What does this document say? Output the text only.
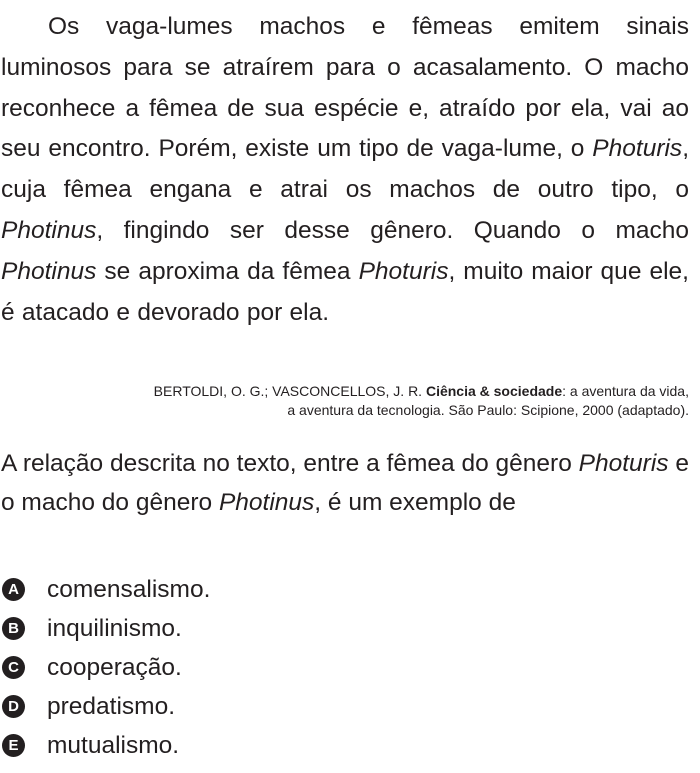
Os vaga-lumes machos e fêmeas emitem sinais luminosos para se atraírem para o acasalamento. O macho reconhece a fêmea de sua espécie e, atraído por ela, vai ao seu encontro. Porém, existe um tipo de vaga-lume, o Photuris, cuja fêmea engana e atrai os machos de outro tipo, o Photinus, fingindo ser desse gênero. Quando o macho Photinus se aproxima da fêmea Photuris, muito maior que ele, é atacado e devorado por ela.

BERTOLDI, O. G.; VASCONCELLOS, J. R. Ciência & sociedade: a aventura da vida,
a aventura da tecnologia. São Paulo: Scipione, 2000 (adaptado).

A relação descrita no texto, entre a fêmea do gênero Photuris e o macho do gênero Photinus, é um exemplo de

A comensalismo.
B inquilinismo.
C cooperação.
D predatismo.
E mutualismo.
